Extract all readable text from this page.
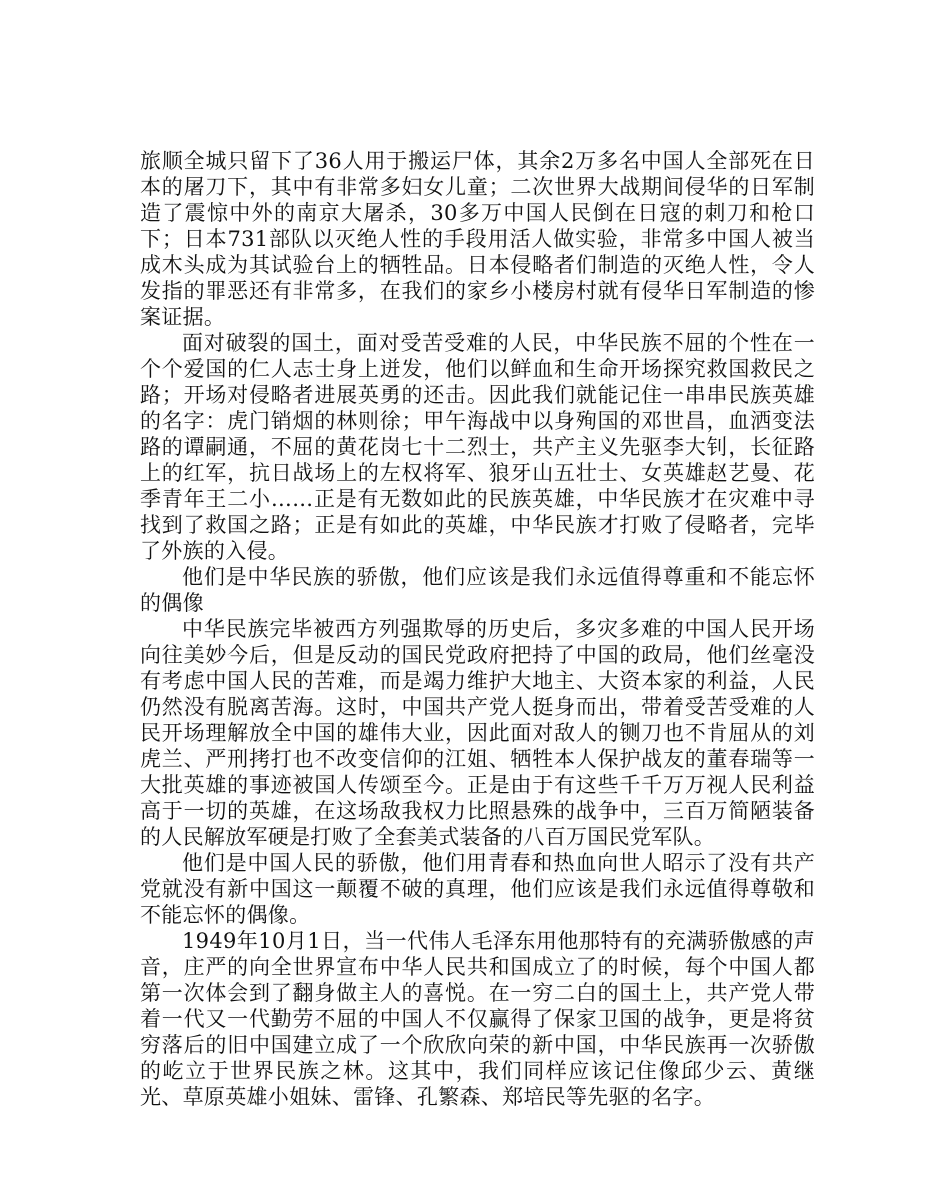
旅顺全城只留下了36人用于搬运尸体，其余2万多名中国人全部死在日本的屠刀下，其中有非常多妇女儿童；二次世界大战期间侵华的日军制造了震惊中外的南京大屠杀，30多万中国人民倒在日寇的刺刀和枪口下；日本731部队以灭绝人性的手段用活人做实验，非常多中国人被当成木头成为其试验台上的牺牲品。日本侵略者们制造的灭绝人性，令人发指的罪恶还有非常多，在我们的家乡小楼房村就有侵华日军制造的惨案证据。

面对破裂的国土，面对受苦受难的人民，中华民族不屈的个性在一个个爱国的仁人志士身上迸发，他们以鲜血和生命开场探究救国救民之路；开场对侵略者进展英勇的还击。因此我们就能记住一串串民族英雄的名字：虎门销烟的林则徐；甲午海战中以身殉国的邓世昌，血洒变法路的谭嗣通，不屈的黄花岗七十二烈士，共产主义先驱李大钊，长征路上的红军，抗日战场上的左权将军、狼牙山五壮士、女英雄赵艺曼、花季青年王二小……正是有无数如此的民族英雄，中华民族才在灾难中寻找到了救国之路；正是有如此的英雄，中华民族才打败了侵略者，完毕了外族的入侵。

他们是中华民族的骄傲，他们应该是我们永远值得尊重和不能忘怀的偶像

中华民族完毕被西方列强欺辱的历史后，多灾多难的中国人民开场向往美妙今后，但是反动的国民党政府把持了中国的政局，他们丝毫没有考虑中国人民的苦难，而是竭力维护大地主、大资本家的利益，人民仍然没有脱离苦海。这时，中国共产党人挺身而出，带着受苦受难的人民开场理解放全中国的雄伟大业，因此面对敌人的铡刀也不肯屈从的刘虎兰、严刑拷打也不改变信仰的江姐、牺牲本人保护战友的董春瑞等一大批英雄的事迹被国人传颂至今。正是由于有这些千千万万视人民利益高于一切的英雄，在这场敌我权力比照悬殊的战争中，三百万简陋装备的人民解放军硬是打败了全套美式装备的八百万国民党军队。

他们是中国人民的骄傲，他们用青春和热血向世人昭示了没有共产党就没有新中国这一颠覆不破的真理，他们应该是我们永远值得尊敬和不能忘怀的偶像。

1949年10月1日，当一代伟人毛泽东用他那特有的充满骄傲感的声音，庄严的向全世界宣布中华人民共和国成立了的时候，每个中国人都第一次体会到了翻身做主人的喜悦。在一穷二白的国土上，共产党人带着一代又一代勤劳不屈的中国人不仅赢得了保家卫国的战争，更是将贫穷落后的旧中国建立成了一个欣欣向荣的新中国，中华民族再一次骄傲的屹立于世界民族之林。这其中，我们同样应该记住像邱少云、黄继光、草原英雄小姐妹、雷锋、孔繁森、郑培民等先驱的名字。
